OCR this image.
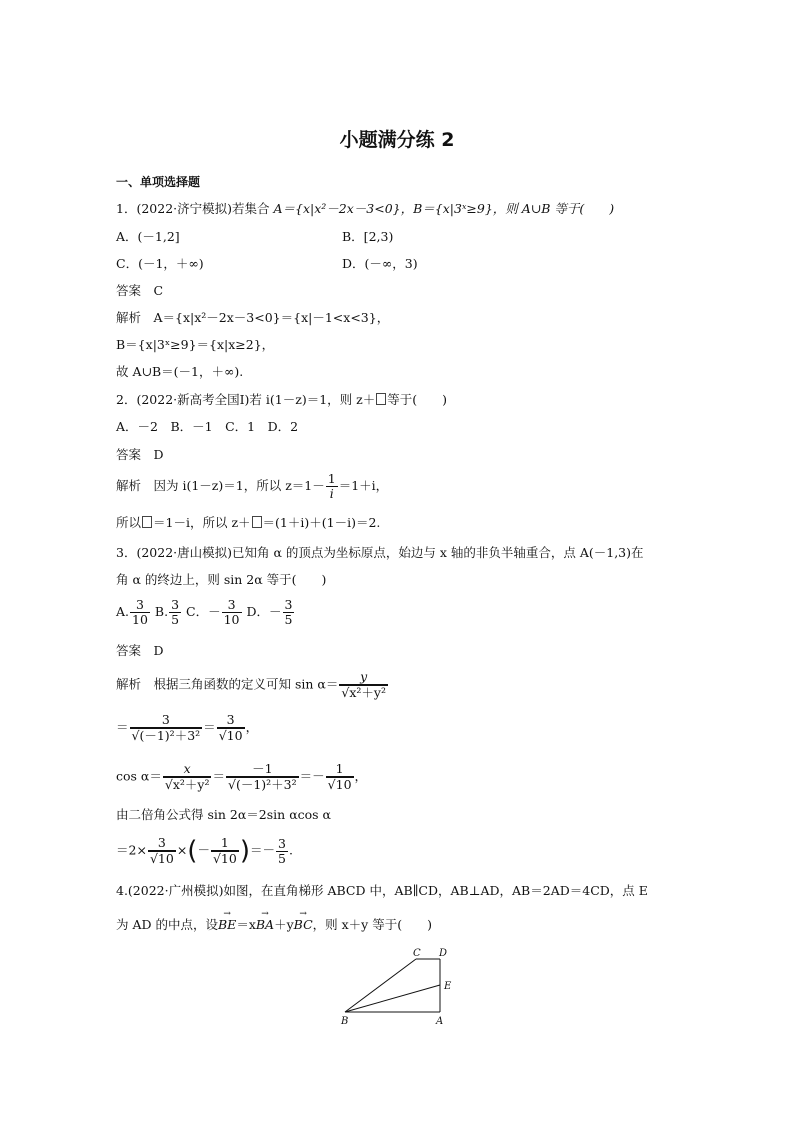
小题满分练 2
一、单项选择题
1．(2022·济宁模拟)若集合 A＝{x|x²－2x－3<0}，B＝{x|3ˣ≥9}，则 A∪B 等于(　　)
A．(－1,2]	B．[2,3)
C．(－1，＋∞)	D．(－∞，3)
答案　C
解析　A＝{x|x²－2x－3<0}＝{x|－1<x<3}，
B＝{x|3ˣ≥9}＝{x|x≥2}，
故 A∪B＝(－1，＋∞).
2．(2022·新高考全国Ⅰ)若 i(1－z)＝1，则 z＋ 等于(　　)
A．－2　B．－1　C．1　D．2
答案　D
解析　因为 i(1－z)＝1，所以 $z=1- \frac{1}{i} =1+i$，
所以 ＝1－i，所以 z＋ ＝(1＋i)＋(1－i)＝2.
3．(2022·唐山模拟)已知角 α 的顶点为坐标原点，始边与 x 轴的非负半轴重合，点 A(－1,3)在
角 α 的终边上，则 sin 2α 等于(　　)
A. $\frac{3}{10} B$. $\frac{3}{5}$ C．－ $\frac{3}{10}$ D．－ $\frac{3}{5}$
答案　D
解析　根据三角函数的定义可知 $\sin \alpha= \frac{y}{\text{√x²＋y²}}$
＝ $\frac{3}{\text{√(－1)²＋3²}} = \frac{3}{√10}$ ，
$\cos \alpha= \frac{x}{\text{√x²＋y²}} = \frac{-1}{\text{√(－1)²＋3²}} =- \frac{1}{√10}$ ，
由二倍角公式得 sin 2α＝2sin αcos α
$=2\times \frac{3}{√10}$ ×(－ $\frac{1}{√10}$ )＝－ $\frac{3}{5}$ .
4.(2022·广州模拟)如图，在直角梯形 ABCD 中，AB∥CD，AB⊥AD，AB＝2AD＝4CD，点 E
为 AD 的中点，设→ BE＝x→ BA＋y→ BC，则 x＋y 等于(　　)
C D
E
B	A
